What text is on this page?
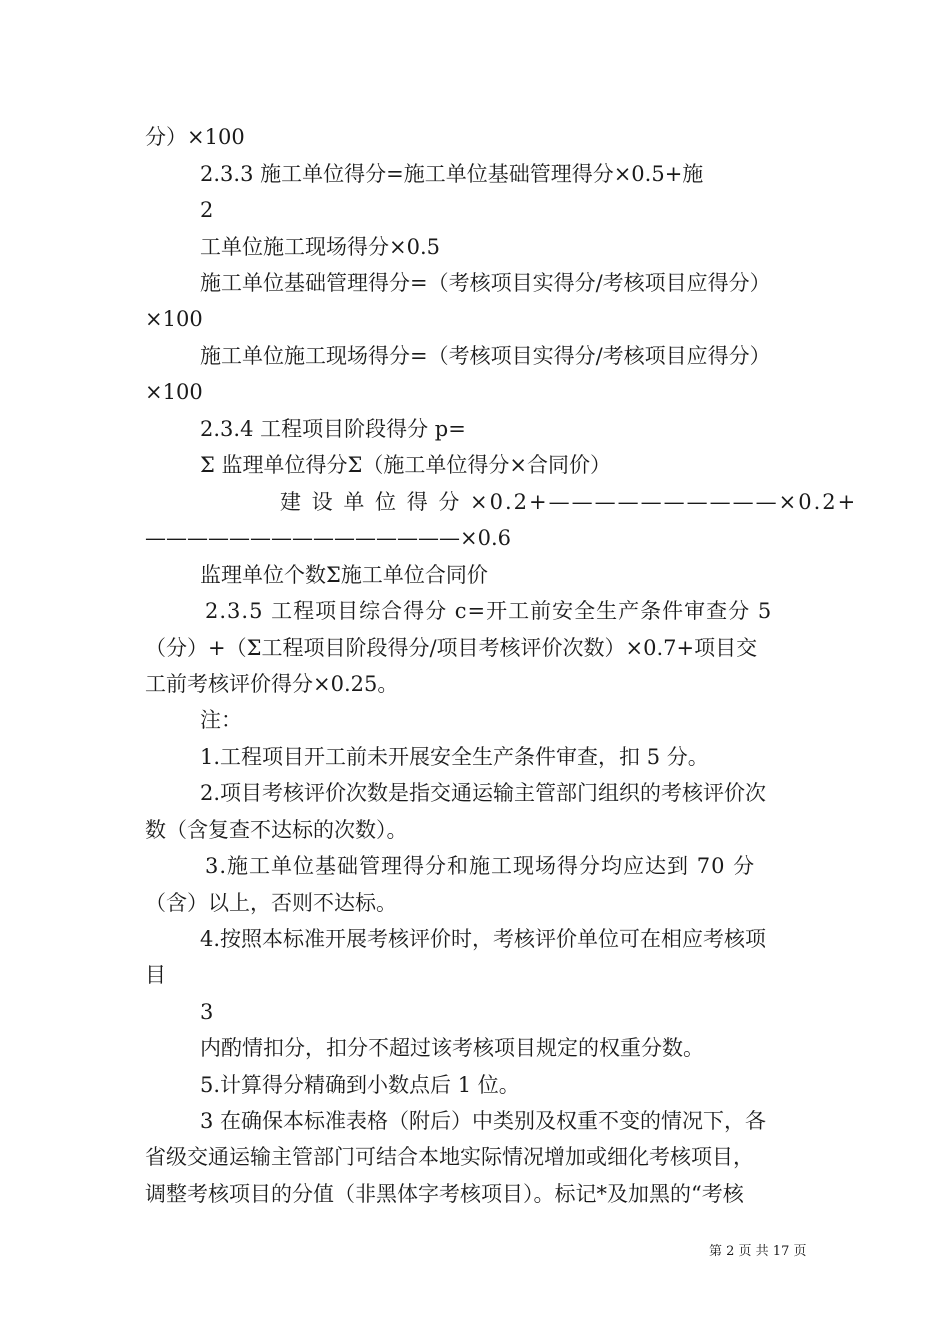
分）×100

2.3.3 施工单位得分=施工单位基础管理得分×0.5+施

2

工单位施工现场得分×0.5

施工单位基础管理得分=（考核项目实得分/考核项目应得分）

×100

施工单位施工现场得分=（考核项目实得分/考核项目应得分）

×100

2.3.4 工程项目阶段得分 p=

Σ 监理单位得分Σ（施工单位得分×合同价）

建 设 单 位 得 分 ×0.2+——————————×0.2+

———————————————×0.6

监理单位个数Σ施工单位合同价

2.3.5 工程项目综合得分 c=开工前安全生产条件审查分 5

（分）+（Σ工程项目阶段得分/项目考核评价次数）×0.7+项目交

工前考核评价得分×0.25。

注：

1.工程项目开工前未开展安全生产条件审查，扣 5 分。

2.项目考核评价次数是指交通运输主管部门组织的考核评价次

数（含复查不达标的次数）。

3.施工单位基础管理得分和施工现场得分均应达到 70 分

（含）以上，否则不达标。

4.按照本标准开展考核评价时，考核评价单位可在相应考核项

目

3

内酌情扣分，扣分不超过该考核项目规定的权重分数。

5.计算得分精确到小数点后 1 位。

3 在确保本标准表格（附后）中类别及权重不变的情况下，各

省级交通运输主管部门可结合本地实际情况增加或细化考核项目，

调整考核项目的分值（非黑体字考核项目）。标记*及加黑的“考核

第 2 页 共 17 页
